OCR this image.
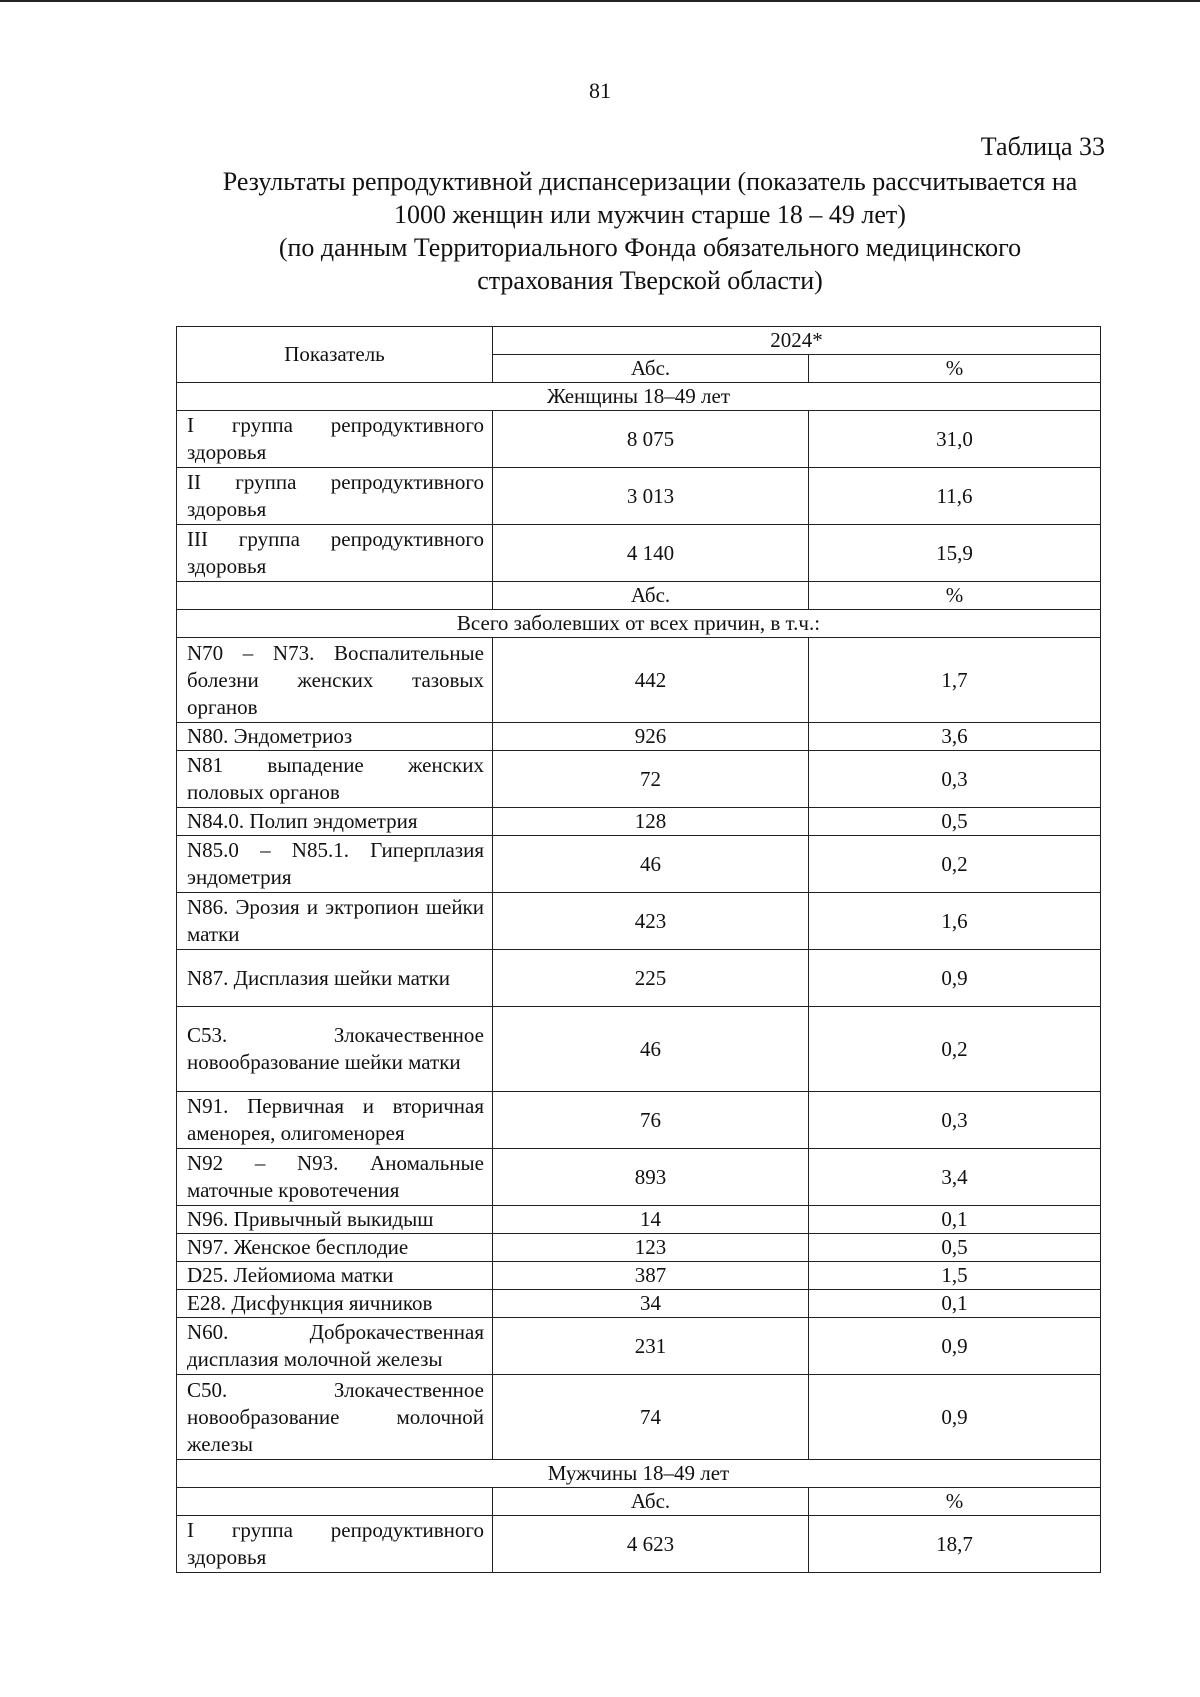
81
Таблица 33
Результаты репродуктивной диспансеризации (показатель рассчитывается на
1000 женщин или мужчин старше 18 – 49 лет)
(по данным Территориального Фонда обязательного медицинского
страхования Тверской области)
Показатель	2024*	
	Абс.	%
Женщины 18–49 лет		
I группа репродуктивного здоровья	8 075	31,0
II группа репродуктивного здоровья	3 013	11,6
III группа репродуктивного здоровья	4 140	15,9
	Абс.	%
Всего заболевших от всех причин, в т.ч.:		
N70 – N73. Воспалительные болезни женских тазовых органов	442	1,7
N80. Эндометриоз	926	3,6
N81 выпадение женских половых органов	72	0,3
N84.0. Полип эндометрия	128	0,5
N85.0 – N85.1. Гиперплазия эндометрия	46	0,2
N86. Эрозия и эктропион шейки матки	423	1,6
N87. Дисплазия шейки матки	225	0,9
С53. Злокачественное новообразование шейки матки	46	0,2
N91. Первичная и вторичная аменорея, олигоменорея	76	0,3
N92 – N93. Аномальные маточные кровотечения	893	3,4
N96. Привычный выкидыш	14	0,1
N97. Женское бесплодие	123	0,5
D25. Лейомиома матки	387	1,5
Е28. Дисфункция яичников	34	0,1
N60. Доброкачественная дисплазия молочной железы	231	0,9
С50. Злокачественное новообразование молочной железы	74	0,9
Мужчины 18–49 лет		
	Абс.	%
I группа репродуктивного здоровья	4 623	18,7
